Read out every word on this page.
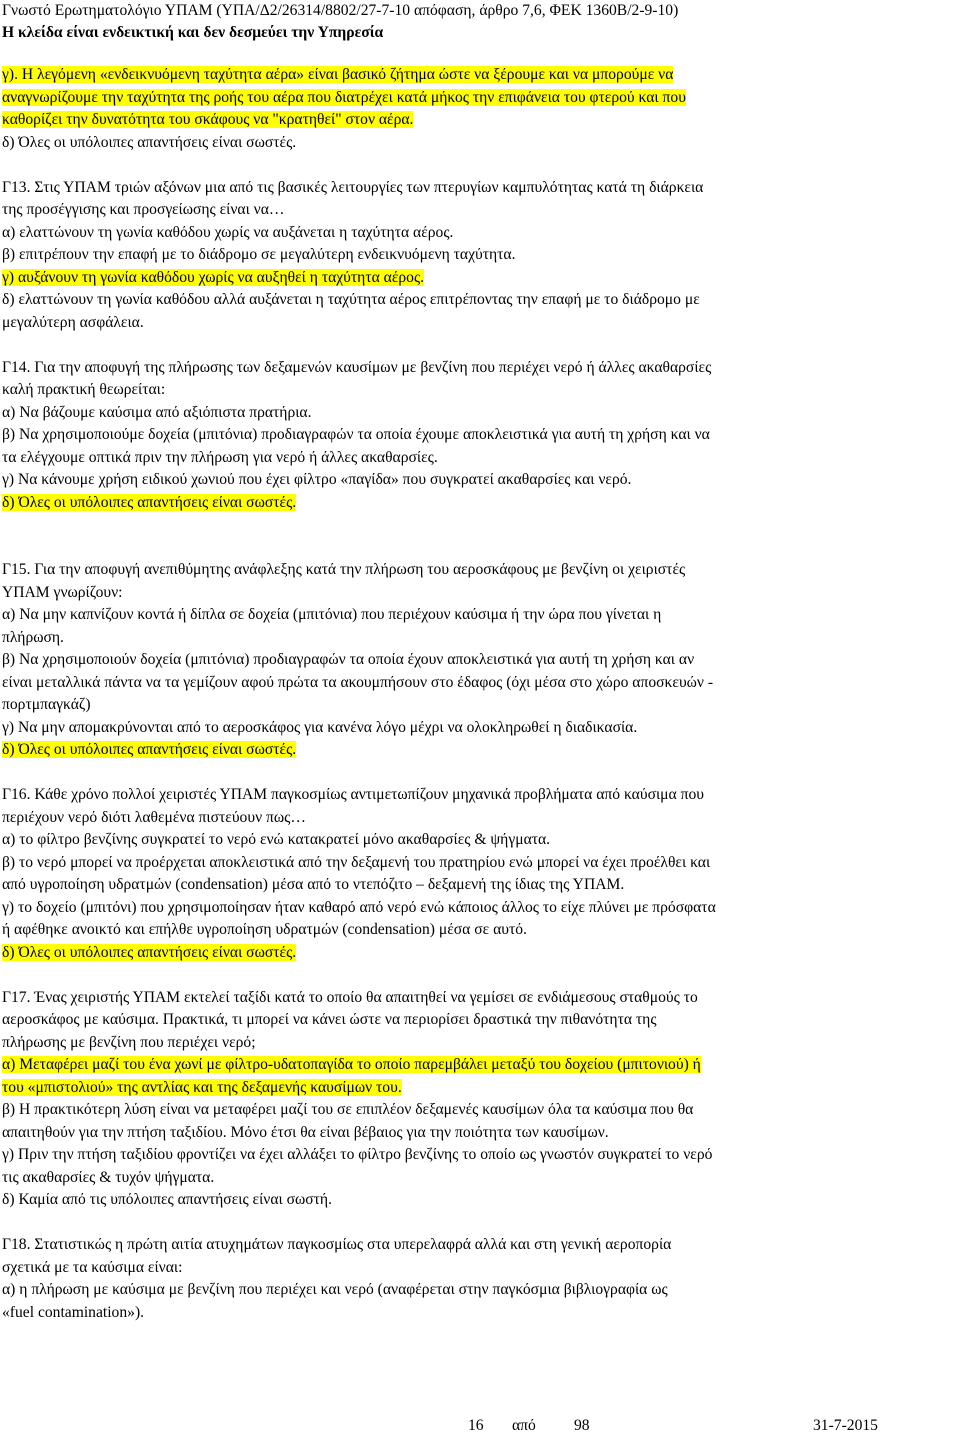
Γνωστό Ερωτηματολόγιο ΥΠΑΜ (ΥΠΑ/Δ2/26314/8802/27-7-10 απόφαση, άρθρο 7,6, ΦΕΚ 1360Β/2-9-10)
Η κλείδα είναι ενδεικτική και δεν δεσμεύει την Υπηρεσία
γ). Η λεγόμενη «ενδεικνυόμενη ταχύτητα αέρα» είναι βασικό ζήτημα ώστε να ξέρουμε και να μπορούμε να
αναγνωρίζουμε την ταχύτητα της ροής του αέρα που διατρέχει κατά μήκος την επιφάνεια του φτερού και που
καθορίζει την δυνατότητα του σκάφους να "κρατηθεί" στον αέρα.
δ) Όλες οι υπόλοιπες απαντήσεις είναι σωστές.
Γ13. Στις ΥΠΑΜ τριών αξόνων μια από τις βασικές λειτουργίες των πτερυγίων καμπυλότητας κατά τη διάρκεια
της προσέγγισης και προσγείωσης είναι να…
α) ελαττώνουν τη γωνία καθόδου χωρίς να αυξάνεται η ταχύτητα αέρος.
β) επιτρέπουν την επαφή με το διάδρομο σε μεγαλύτερη ενδεικνυόμενη ταχύτητα.
γ) αυξάνουν τη γωνία καθόδου χωρίς να αυξηθεί η ταχύτητα αέρος.
δ) ελαττώνουν τη γωνία καθόδου αλλά αυξάνεται η ταχύτητα αέρος επιτρέποντας την επαφή με το διάδρομο με
μεγαλύτερη ασφάλεια.
Γ14. Για την αποφυγή της πλήρωσης των δεξαμενών καυσίμων με βενζίνη που περιέχει νερό ή άλλες ακαθαρσίες
καλή πρακτική θεωρείται:
α) Να βάζουμε καύσιμα από αξιόπιστα πρατήρια.
β) Να χρησιμοποιούμε δοχεία (μπιτόνια) προδιαγραφών τα οποία έχουμε αποκλειστικά για αυτή τη χρήση και να
τα ελέγχουμε οπτικά πριν την πλήρωση για νερό ή άλλες ακαθαρσίες.
γ) Να κάνουμε χρήση ειδικού χωνιού που έχει φίλτρο «παγίδα» που συγκρατεί ακαθαρσίες και νερό.
δ) Όλες οι υπόλοιπες απαντήσεις είναι σωστές.
Γ15. Για την αποφυγή ανεπιθύμητης ανάφλεξης κατά την πλήρωση του αεροσκάφους με βενζίνη οι χειριστές
ΥΠΑΜ γνωρίζουν:
α) Να μην καπνίζουν κοντά ή δίπλα σε δοχεία (μπιτόνια) που περιέχουν καύσιμα ή την ώρα που γίνεται η
πλήρωση.
β) Να χρησιμοποιούν δοχεία (μπιτόνια) προδιαγραφών τα οποία έχουν αποκλειστικά για αυτή τη χρήση και αν
είναι μεταλλικά πάντα να τα γεμίζουν αφού πρώτα τα ακουμπήσουν στο έδαφος (όχι μέσα στο χώρο αποσκευών -
πορτμπαγκάζ)
γ) Να μην απομακρύνονται από το αεροσκάφος για κανένα λόγο μέχρι να ολοκληρωθεί η διαδικασία.
δ) Όλες οι υπόλοιπες απαντήσεις είναι σωστές.
Γ16. Κάθε χρόνο πολλοί χειριστές ΥΠΑΜ παγκοσμίως αντιμετωπίζουν μηχανικά προβλήματα από καύσιμα που
περιέχουν νερό διότι λαθεμένα πιστεύουν πως…
α) το φίλτρο βενζίνης συγκρατεί το νερό ενώ κατακρατεί μόνο ακαθαρσίες & ψήγματα.
β) το νερό μπορεί να προέρχεται αποκλειστικά από την δεξαμενή του πρατηρίου ενώ μπορεί να έχει προέλθει και
από υγροποίηση υδρατμών (condensation) μέσα από το ντεπόζιτο – δεξαμενή της ίδιας της ΥΠΑΜ.
γ) το δοχείο (μπιτόνι) που χρησιμοποίησαν ήταν καθαρό από νερό ενώ κάποιος άλλος το είχε πλύνει με πρόσφατα
ή αφέθηκε ανοικτό και επήλθε υγροποίηση υδρατμών (condensation) μέσα σε αυτό.
δ) Όλες οι υπόλοιπες απαντήσεις είναι σωστές.
Γ17. Ένας χειριστής ΥΠΑΜ εκτελεί ταξίδι κατά το οποίο θα απαιτηθεί να γεμίσει σε ενδιάμεσους σταθμούς το
αεροσκάφος με καύσιμα. Πρακτικά, τι μπορεί να κάνει ώστε να περιορίσει δραστικά την πιθανότητα της
πλήρωσης με βενζίνη που περιέχει νερό;
α) Μεταφέρει μαζί του ένα χωνί με φίλτρο-υδατοπαγίδα το οποίο παρεμβάλει μεταξύ του δοχείου (μπιτονιού) ή
του «μπιστολιού» της αντλίας και της δεξαμενής καυσίμων του.
β) Η πρακτικότερη λύση είναι να μεταφέρει μαζί του σε επιπλέον δεξαμενές καυσίμων όλα τα καύσιμα που θα
απαιτηθούν για την πτήση ταξιδίου. Μόνο έτσι θα είναι βέβαιος για την ποιότητα των καυσίμων.
γ) Πριν την πτήση ταξιδίου φροντίζει να έχει αλλάξει το φίλτρο βενζίνης το οποίο ως γνωστόν συγκρατεί το νερό
τις ακαθαρσίες & τυχόν ψήγματα.
δ) Καμία από τις υπόλοιπες απαντήσεις είναι σωστή.
Γ18. Στατιστικώς η πρώτη αιτία ατυχημάτων παγκοσμίως στα υπερελαφρά αλλά και στη γενική αεροπορία
σχετικά με τα καύσιμα είναι:
α) η πλήρωση με καύσιμα με βενζίνη που περιέχει και νερό (αναφέρεται στην παγκόσμια βιβλιογραφία ως
«fuel contamination»).
16 από 98	31-7-2015
